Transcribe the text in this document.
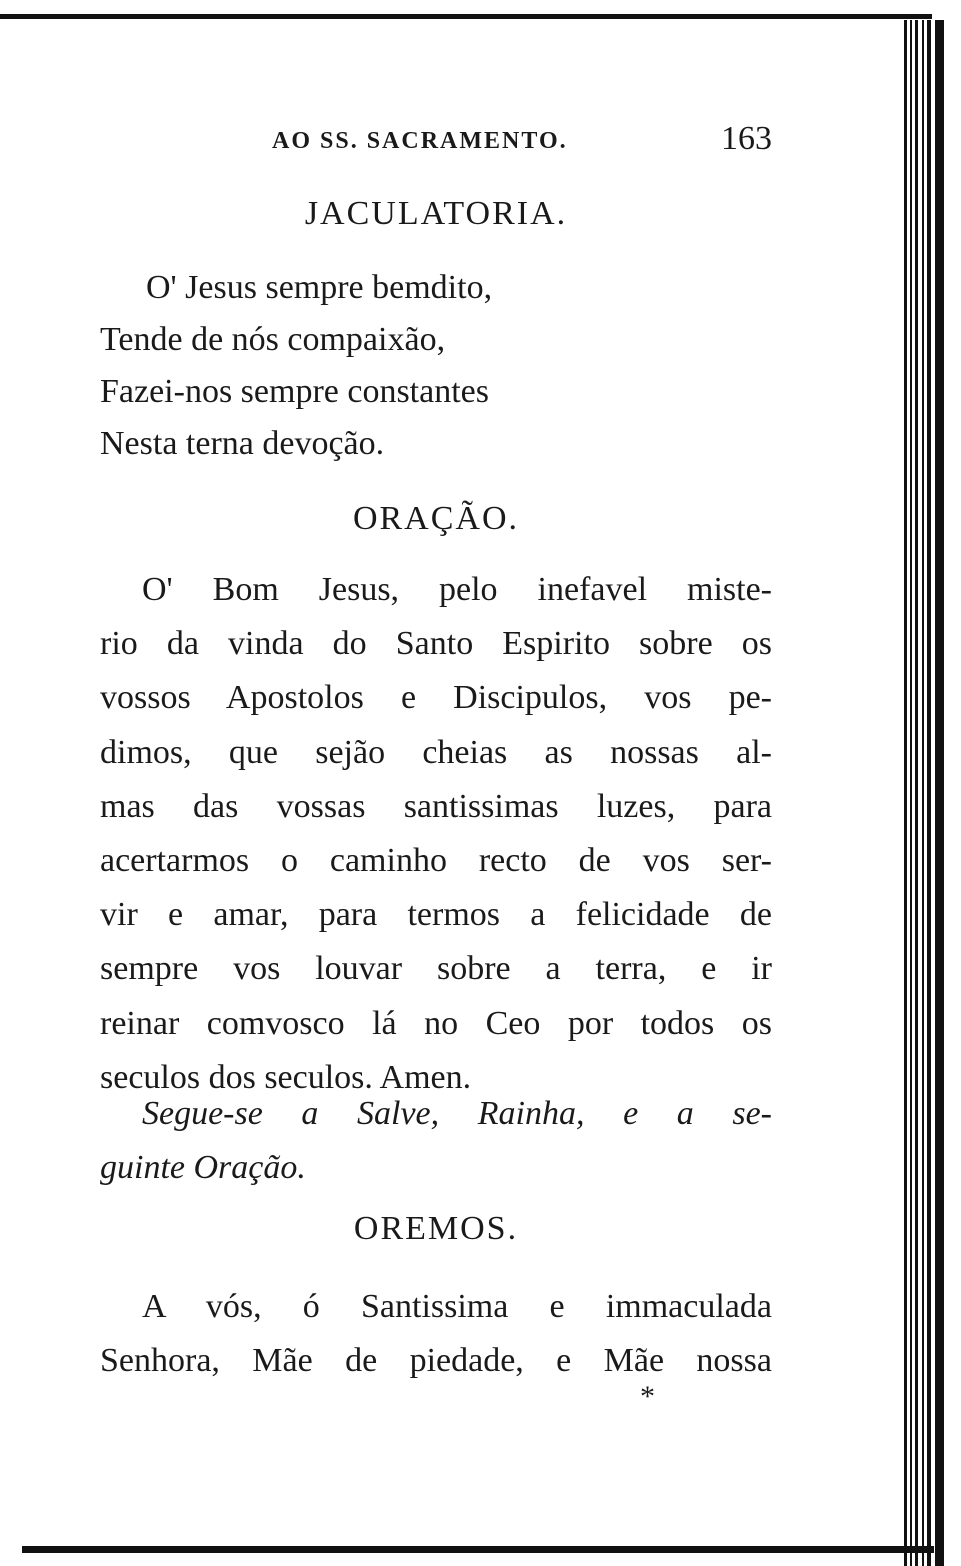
AO SS. SACRAMENTO.	163
JACULATORIA.
O' Jesus sempre bemdito,
Tende de nós compaixão,
Fazei-nos sempre constantes
Nesta terna devoção.
ORAÇÃO.
O' Bom Jesus, pelo inefavel miste-
rio da vinda do Santo Espirito sobre os
vossos Apostolos e Discipulos, vos pe-
dimos, que sejão cheias as nossas al-
mas das vossas santissimas luzes, para
acertarmos o caminho recto de vos ser-
vir e amar, para termos a felicidade de
sempre vos louvar sobre a terra, e ir
reinar comvosco lá no Ceo por todos os
seculos dos seculos. Amen.
Segue-se a Salve, Rainha, e a se-
guinte Oração.
OREMOS.
A vós, ó Santissima e immaculada
Senhora, Mãe de piedade, e Mãe nossa
*
